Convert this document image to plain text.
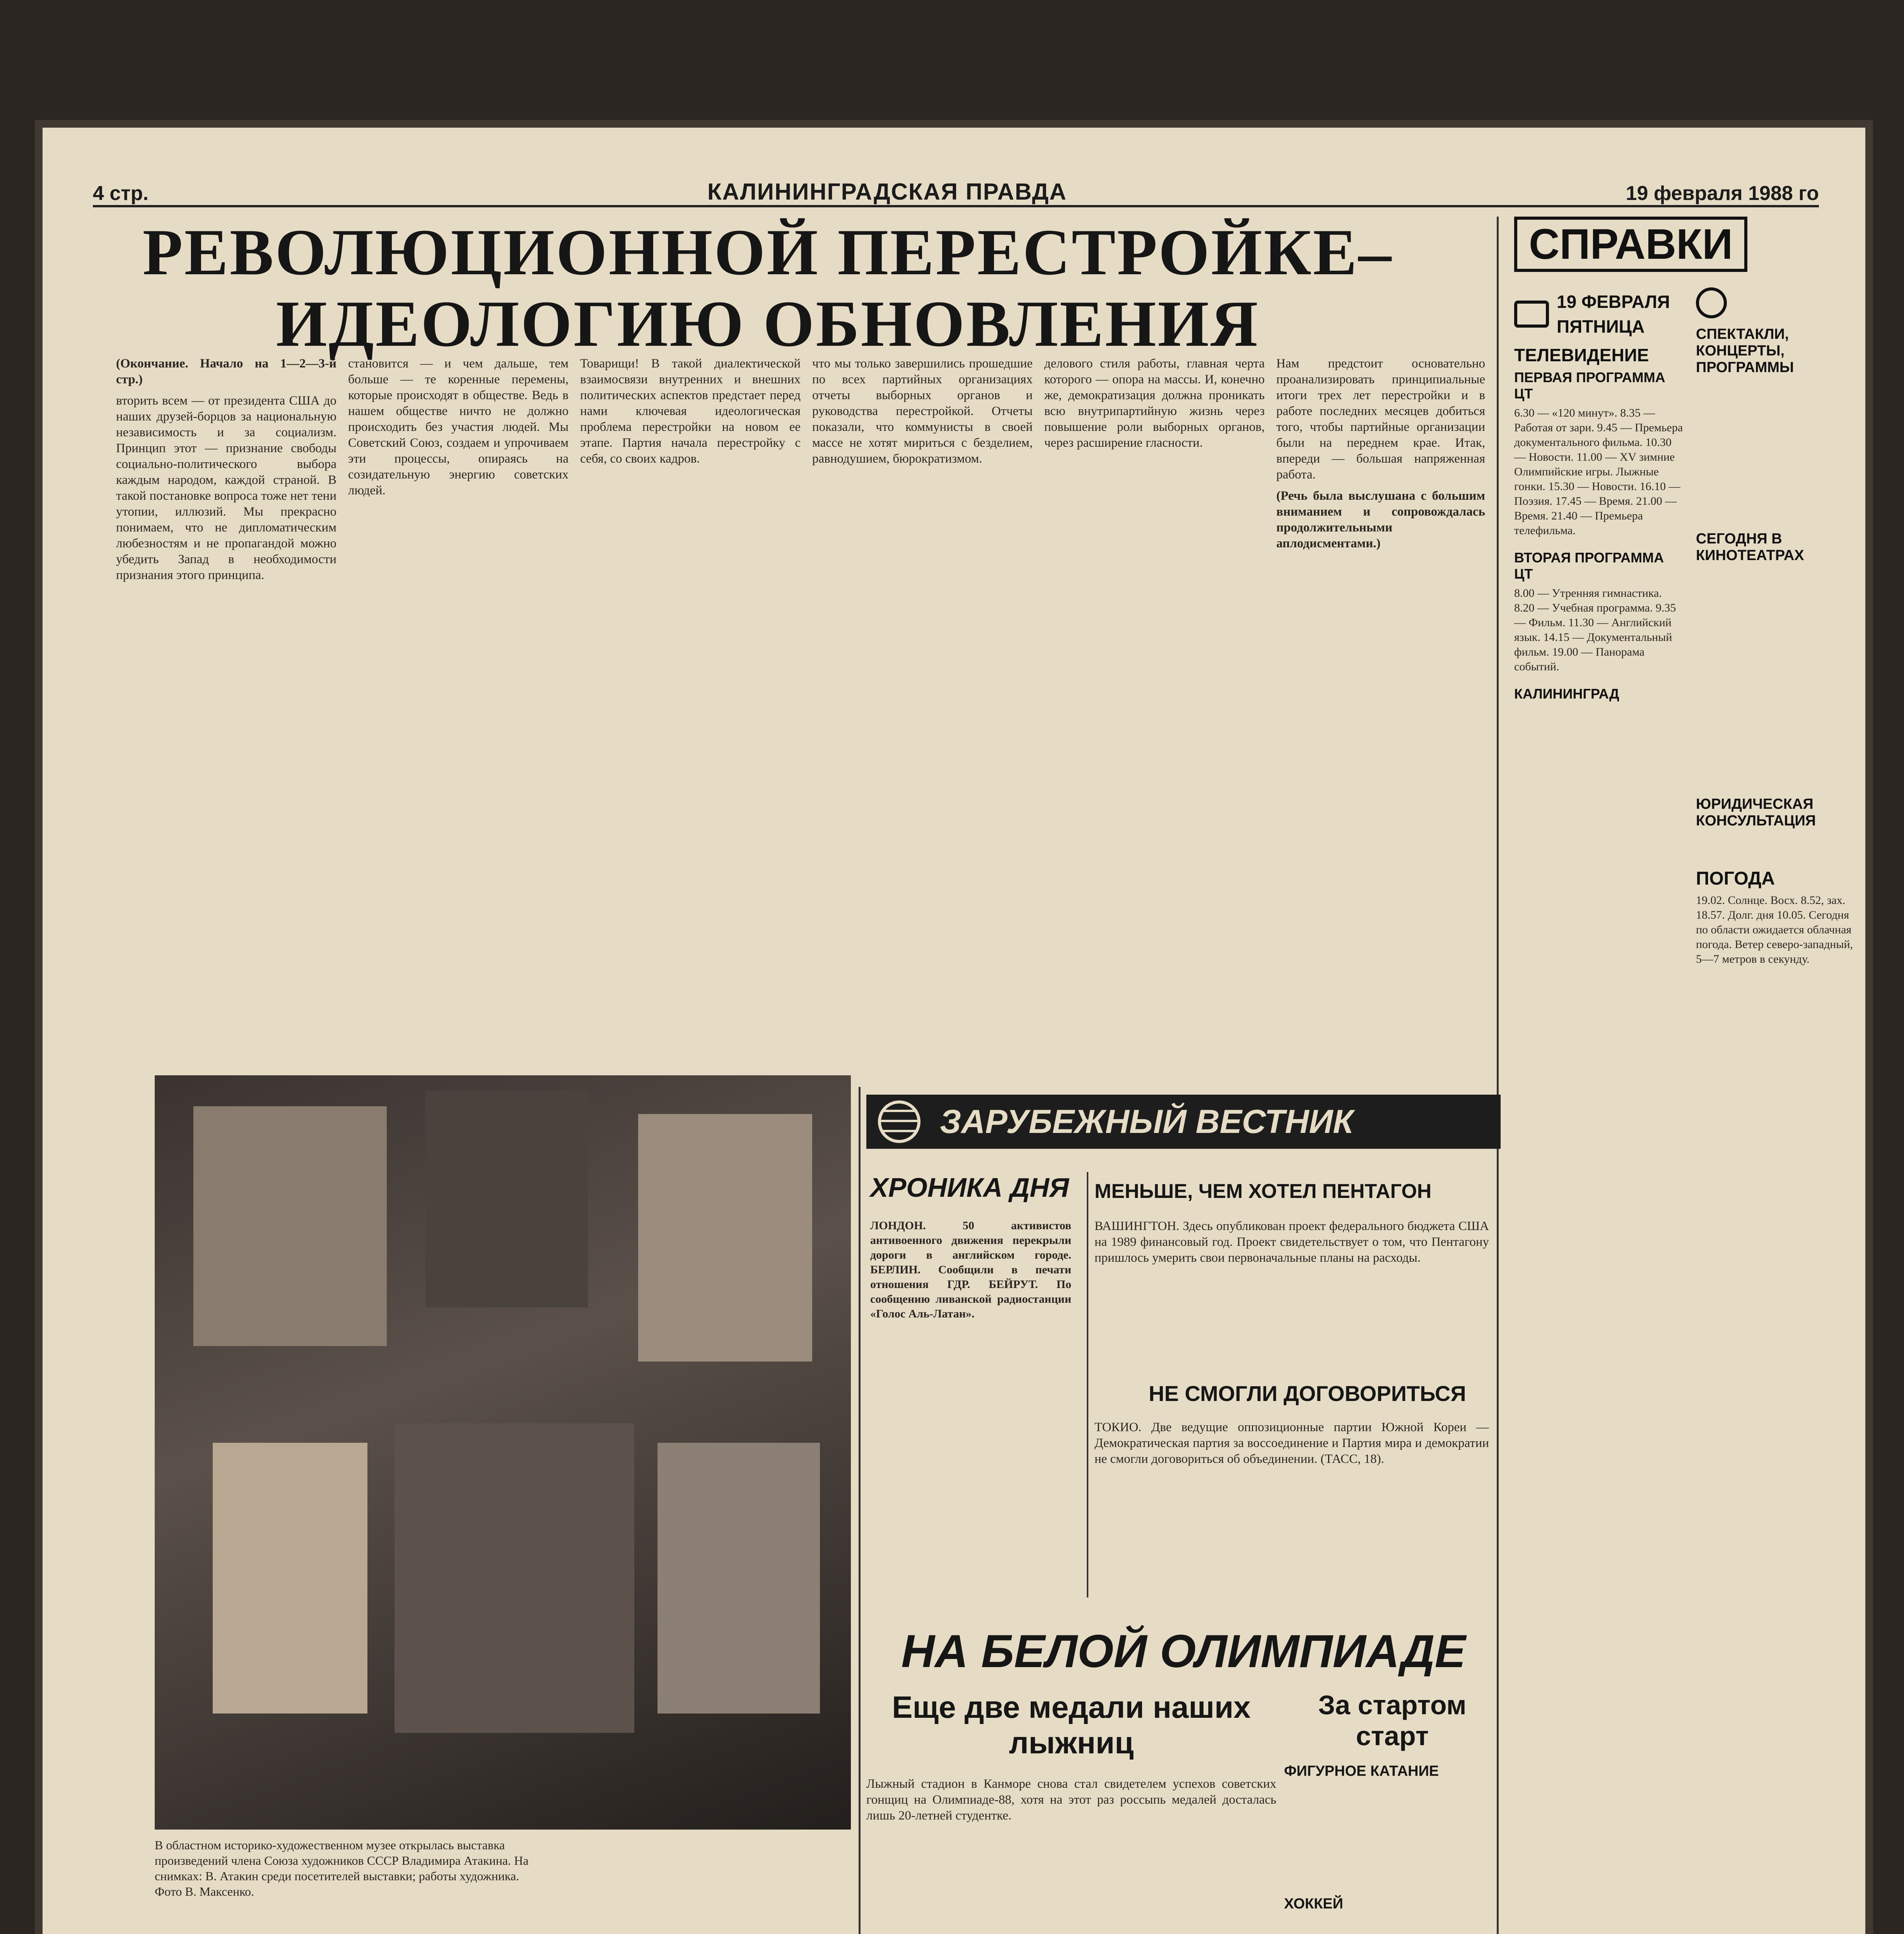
4 стр.	КАЛИНИНГРАДСКАЯ ПРАВДА	19 февраля 1988 го
РЕВОЛЮЦИОННОЙ ПЕРЕСТРОЙКЕ–
ИДЕОЛОГИЮ ОБНОВЛЕНИЯ

(Окончание. Начало на 1—2—3-й стр.)

вторить всем — от президента США до наших друзей-борцов за национальную независимость и за социализм. Принцип этот — признание свободы социально-политического выбора каждым народом, каждой страной. В такой постановке вопроса тоже нет тени утопии, иллюзий. Мы прекрасно понимаем, что не дипломатическим любезностям и не пропагандой можно убедить Запад в необходимости признания этого принципа.

становится — и чем дальше, тем больше — те коренные перемены, которые происходят в обществе. Ведь в нашем обществе ничто не должно происходить без участия людей. Мы Советский Союз, создаем и упрочиваем эти процессы, опираясь на созидательную энергию советских людей.

Товарищи! В такой диалектической взаимосвязи внутренних и внешних политических аспектов предстает перед нами ключевая идеологическая проблема перестройки на новом ее этапе. Партия начала перестройку с себя, со своих кадров.

что мы только завершились прошедшие по всех партийных организациях отчеты выборных органов и руководства перестройкой. Отчеты показали, что коммунисты в своей массе не хотят мириться с безделием, равнодушием, бюрократизмом.

делового стиля работы, главная черта которого — опора на массы. И, конечно же, демократизация должна проникать всю внутрипартийную жизнь через повышение роли выборных органов, через расширение гласности.

Нам предстоит основательно проанализировать принципиальные итоги трех лет перестройки и в работе последних месяцев добиться того, чтобы партийные организации были на переднем крае. Итак, впереди — большая напряженная работа.

(Речь была выслушана с большим вниманием и сопровождалась продолжительными аплодисментами.)

СПРАВКИ
19 ФЕВРАЛЯ
ПЯТНИЦА
ТЕЛЕВИДЕНИЕ
ПЕРВАЯ ПРОГРАММА ЦТ
6.30 — «120 минут». 8.35 — Работая от зари. 9.45 — Премьера документального фильма. 10.30 — Новости. 11.00 — XV зимние Олимпийские игры. Лыжные гонки. 15.30 — Новости. 16.10 — Поэзия. 17.45 — Время. 21.00 — Время. 21.40 — Премьера телефильма.
ВТОРАЯ ПРОГРАММА ЦТ
8.00 — Утренняя гимнастика. 8.20 — Учебная программа. 9.35 — Фильм. 11.30 — Английский язык. 14.15 — Документальный фильм. 19.00 — Панорама событий.
КАЛИНИНГРАД
СПЕКТАКЛИ, КОНЦЕРТЫ, ПРОГРАММЫ
СЕГОДНЯ В КИНОТЕАТРАХ
ЮРИДИЧЕСКАЯ КОНСУЛЬТАЦИЯ
ПОГОДА
19.02. Солнце. Восх. 8.52, зах. 18.57. Долг. дня 10.05. Сегодня по области ожидается облачная погода. Ветер северо-западный, 5—7 метров в секунду.
В областном историко-художественном музее открылась выставка произведений члена Союза художников СССР Владимира Атакина. На снимках: В. Атакин среди посетителей выставки; работы художника. Фото В. Максенко.
ЗАРУБЕЖНЫЙ ВЕСТНИК
ХРОНИКА ДНЯ
ЛОНДОН. 50 активистов антивоенного движения перекрыли дороги в английском городе. БЕРЛИН. Сообщили в печати отношения ГДР. БЕЙРУТ. По сообщению ливанской радиостанции «Голос Аль-Латан».
МЕНЬШЕ, ЧЕМ ХОТЕЛ ПЕНТАГОН
ВАШИНГТОН. Здесь опубликован проект федерального бюджета США на 1989 финансовый год. Проект свидетельствует о том, что Пентагону пришлось умерить свои первоначальные планы на расходы.
НЕ СМОГЛИ ДОГОВОРИТЬСЯ
ТОКИО. Две ведущие оппозиционные партии Южной Кореи — Демократическая партия за воссоединение и Партия мира и демократии не смогли договориться об объединении. (ТАСС, 18).
НА БЕЛОЙ ОЛИМПИАДЕ
Еще две медали наших лыжниц
Лыжный стадион в Канморе снова стал свидетелем успехов советских гонщиц на Олимпиаде-88, хотя на этот раз россыпь медалей досталась лишь 20-летней студентке.
За стартом старт
ФИГУРНОЕ КАТАНИЕ
ХОККЕЙ
